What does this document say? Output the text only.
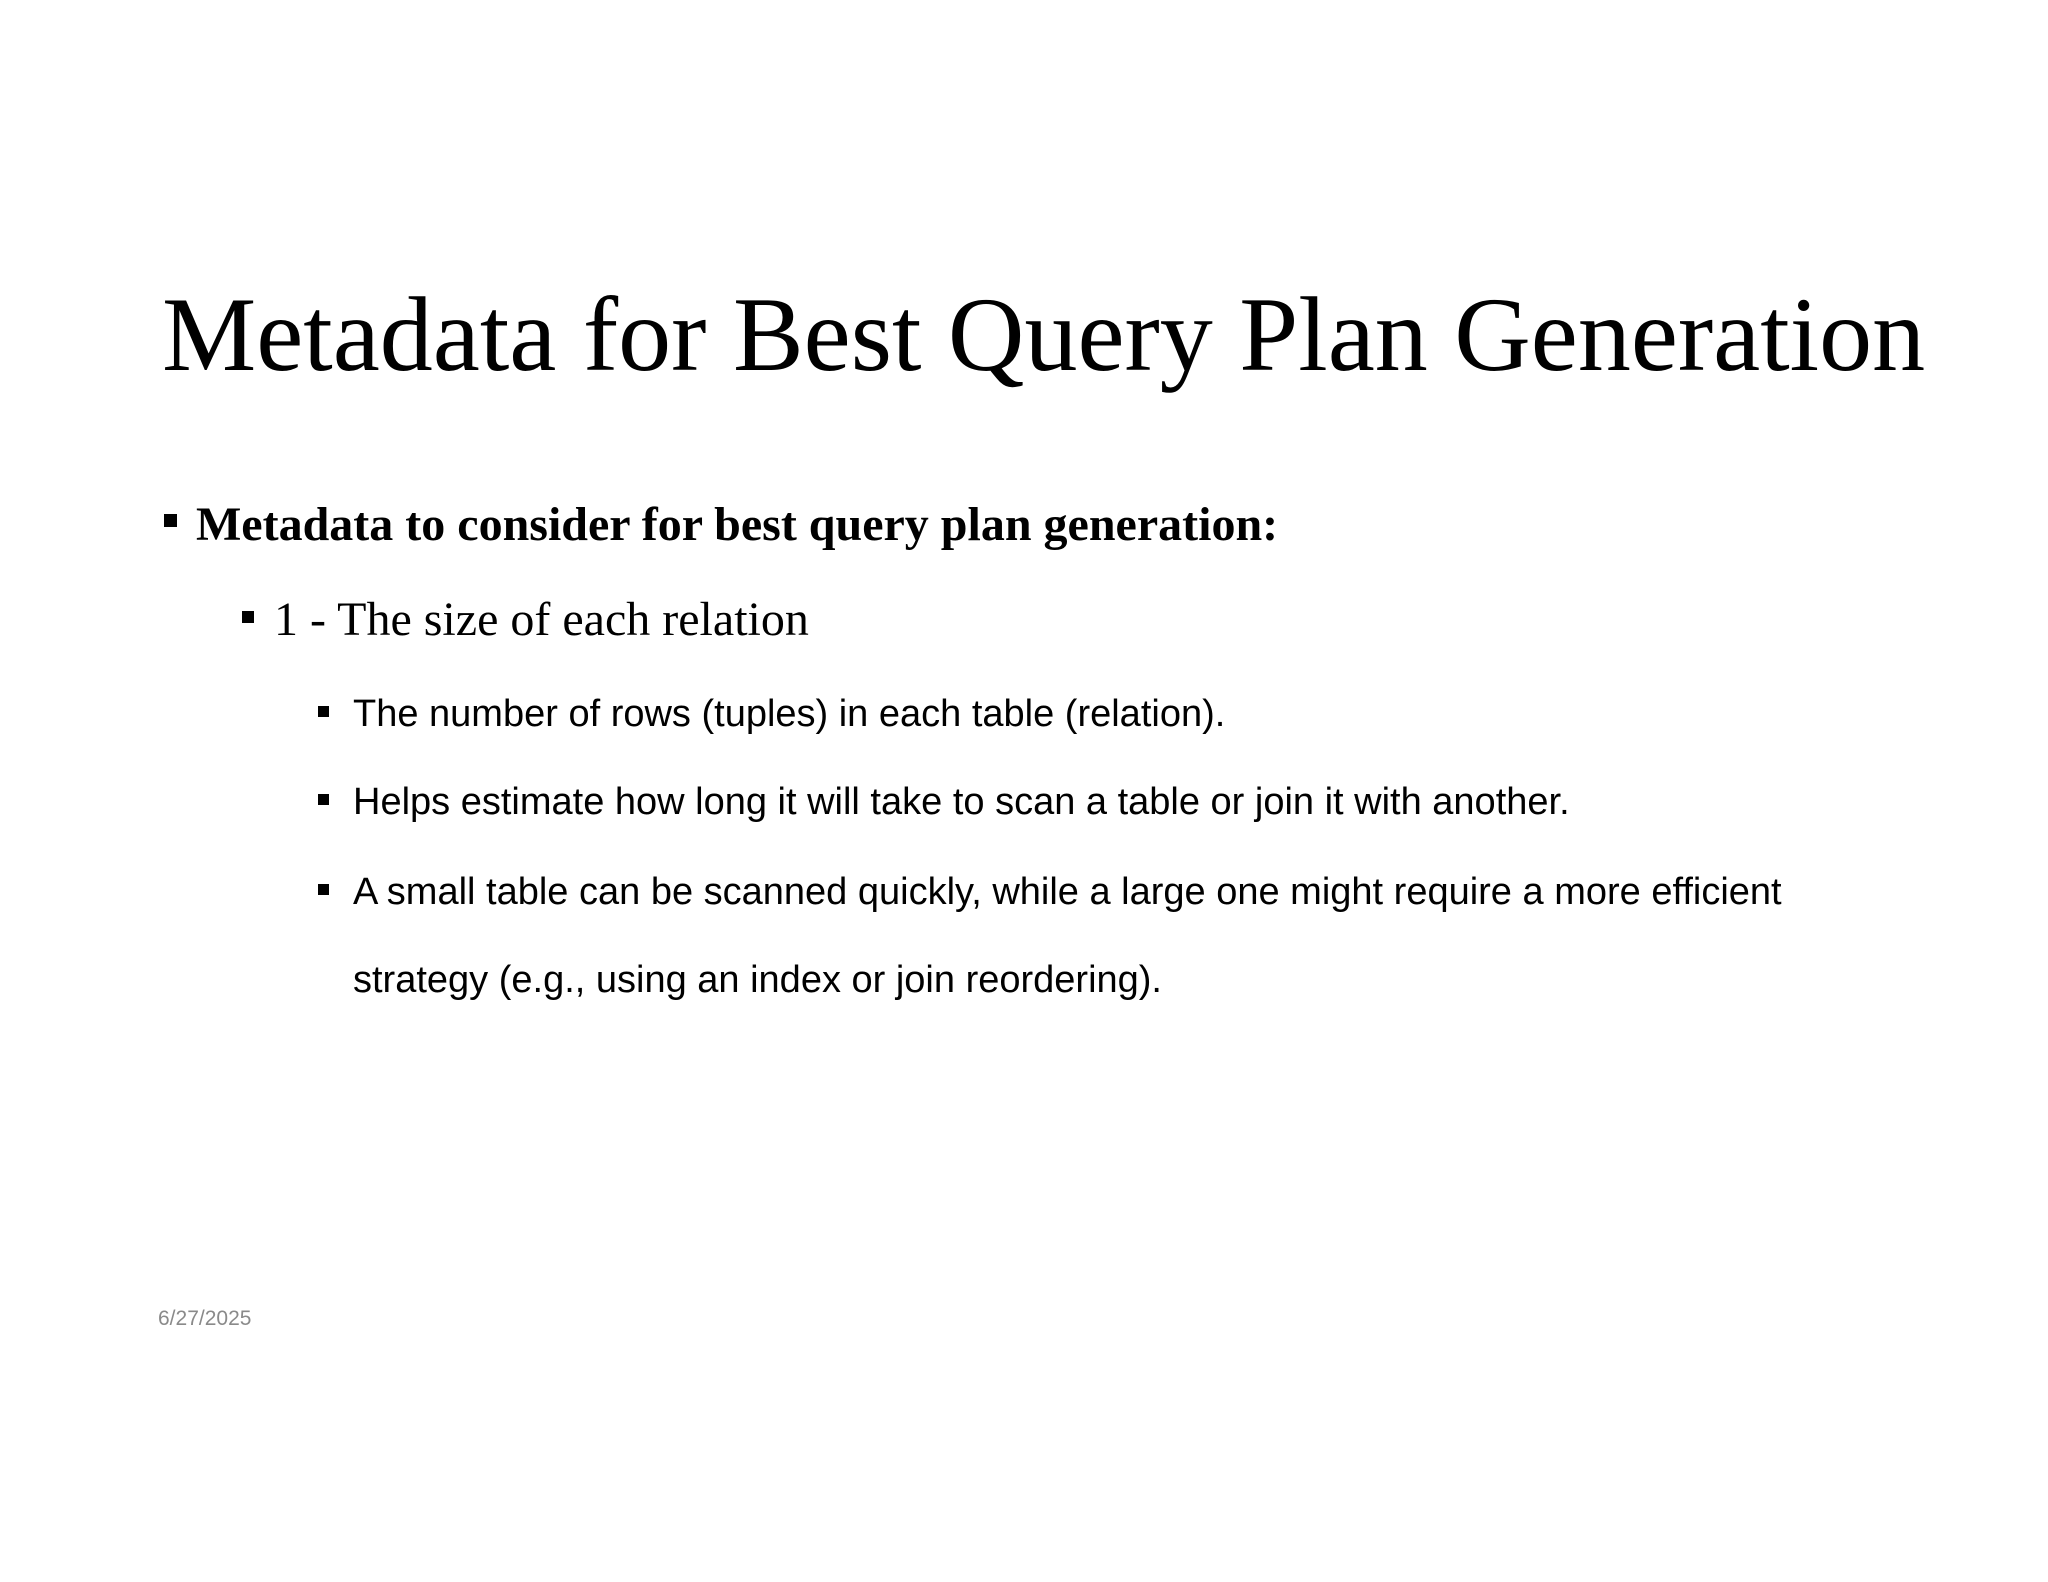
Metadata for Best Query Plan Generation
Metadata to consider for best query plan generation:
1 - The size of each relation
The number of rows (tuples) in each table (relation).
Helps estimate how long it will take to scan a table or join it with another.
A small table can be scanned quickly, while a large one might require a more efficient strategy (e.g., using an index or join reordering).
6/27/2025
